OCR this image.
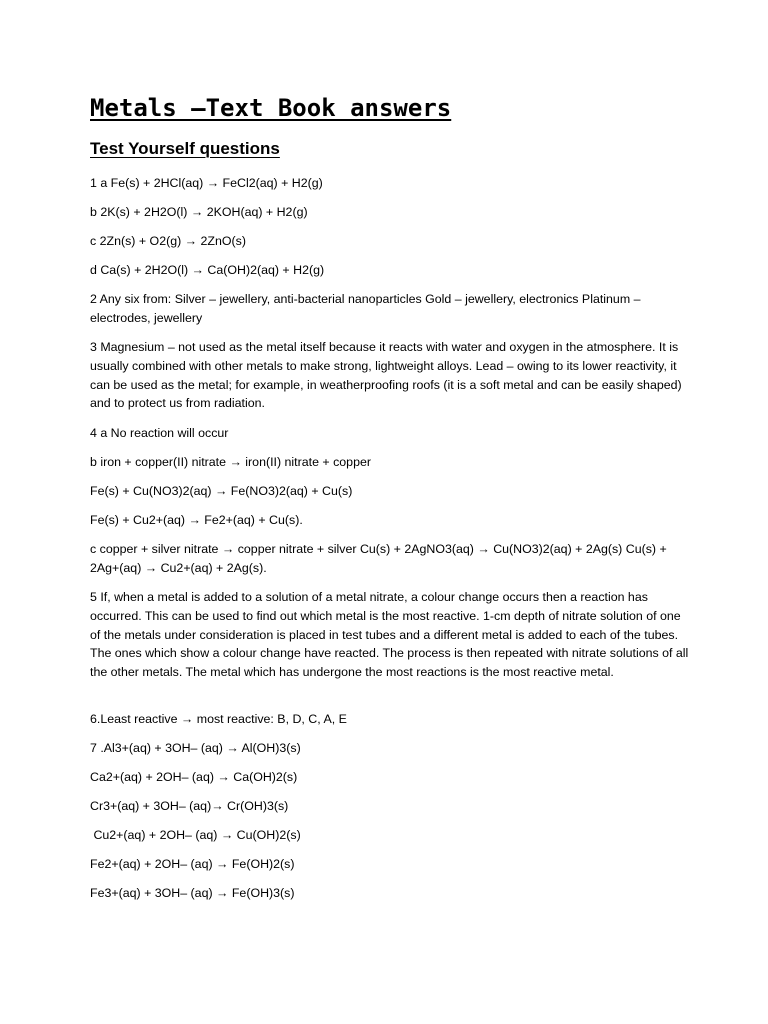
Metals –Text Book answers
Test Yourself questions

1 a Fe(s) + 2HCl(aq) → FeCl2(aq) + H2(g)

b 2K(s) + 2H2O(l) → 2KOH(aq) + H2(g)

c 2Zn(s) + O2(g) → 2ZnO(s)

d Ca(s) + 2H2O(l) → Ca(OH)2(aq) + H2(g)

2 Any six from: Silver – jewellery, anti-bacterial nanoparticles Gold – jewellery, electronics Platinum – electrodes, jewellery

3 Magnesium – not used as the metal itself because it reacts with water and oxygen in the atmosphere. It is usually combined with other metals to make strong, lightweight alloys. Lead – owing to its lower reactivity, it can be used as the metal; for example, in weatherproofing roofs (it is a soft metal and can be easily shaped) and to protect us from radiation.

4 a No reaction will occur

b iron + copper(II) nitrate → iron(II) nitrate + copper

Fe(s) + Cu(NO3)2(aq) → Fe(NO3)2(aq) + Cu(s)

Fe(s) + Cu2+(aq) → Fe2+(aq) + Cu(s).

c copper + silver nitrate → copper nitrate + silver Cu(s) + 2AgNO3(aq) → Cu(NO3)2(aq) + 2Ag(s) Cu(s) + 2Ag+(aq) → Cu2+(aq) + 2Ag(s).

5 If, when a metal is added to a solution of a metal nitrate, a colour change occurs then a reaction has occurred. This can be used to find out which metal is the most reactive. 1-cm depth of nitrate solution of one of the metals under consideration is placed in test tubes and a different metal is added to each of the tubes. The ones which show a colour change have reacted. The process is then repeated with nitrate solutions of all the other metals. The metal which has undergone the most reactions is the most reactive metal.

6.Least reactive → most reactive: B, D, C, A, E

7 .Al3+(aq) + 3OH– (aq) → Al(OH)3(s)

Ca2+(aq) + 2OH– (aq) → Ca(OH)2(s)

Cr3+(aq) + 3OH– (aq)→ Cr(OH)3(s)

Cu2+(aq) + 2OH– (aq) → Cu(OH)2(s)

Fe2+(aq) + 2OH– (aq) → Fe(OH)2(s)

Fe3+(aq) + 3OH– (aq) → Fe(OH)3(s)
